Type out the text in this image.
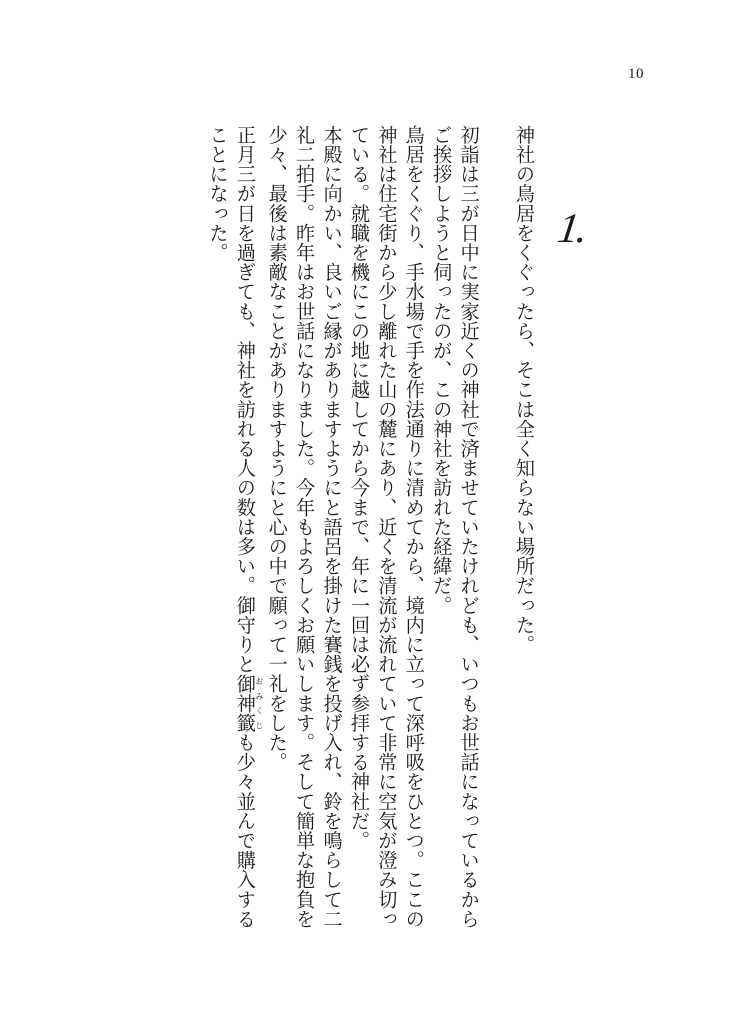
10
1.

神社の鳥居をくぐったら、そこは全く知らない場所だった。

初詣は三が日中に実家近くの神社で済ませていたけれども、いつもお世話になっているからご挨拶しようと伺ったのが、この神社を訪れた経緯だ。

鳥居をくぐり、手水場で手を作法通りに清めてから、境内に立って深呼吸をひとつ。ここの神社は住宅街から少し離れた山の麓にあり、近くを清流が流れていて非常に空気が澄み切っている。就職を機にこの地に越してから今まで、年に一回は必ず参拝する神社だ。

本殿に向かい、良いご縁がありますようにと語呂を掛けた賽銭を投げ入れ、鈴を鳴らして二礼二拍手。昨年はお世話になりました。今年もよろしくお願いします。そして簡単な抱負を少々、最後は素敵なことがありますようにと心の中で願って一礼をした。

正月三が日を過ぎても、神社を訪れる人の数は多い。御守りと御神籤おみくじも少々並んで購入することになった。
